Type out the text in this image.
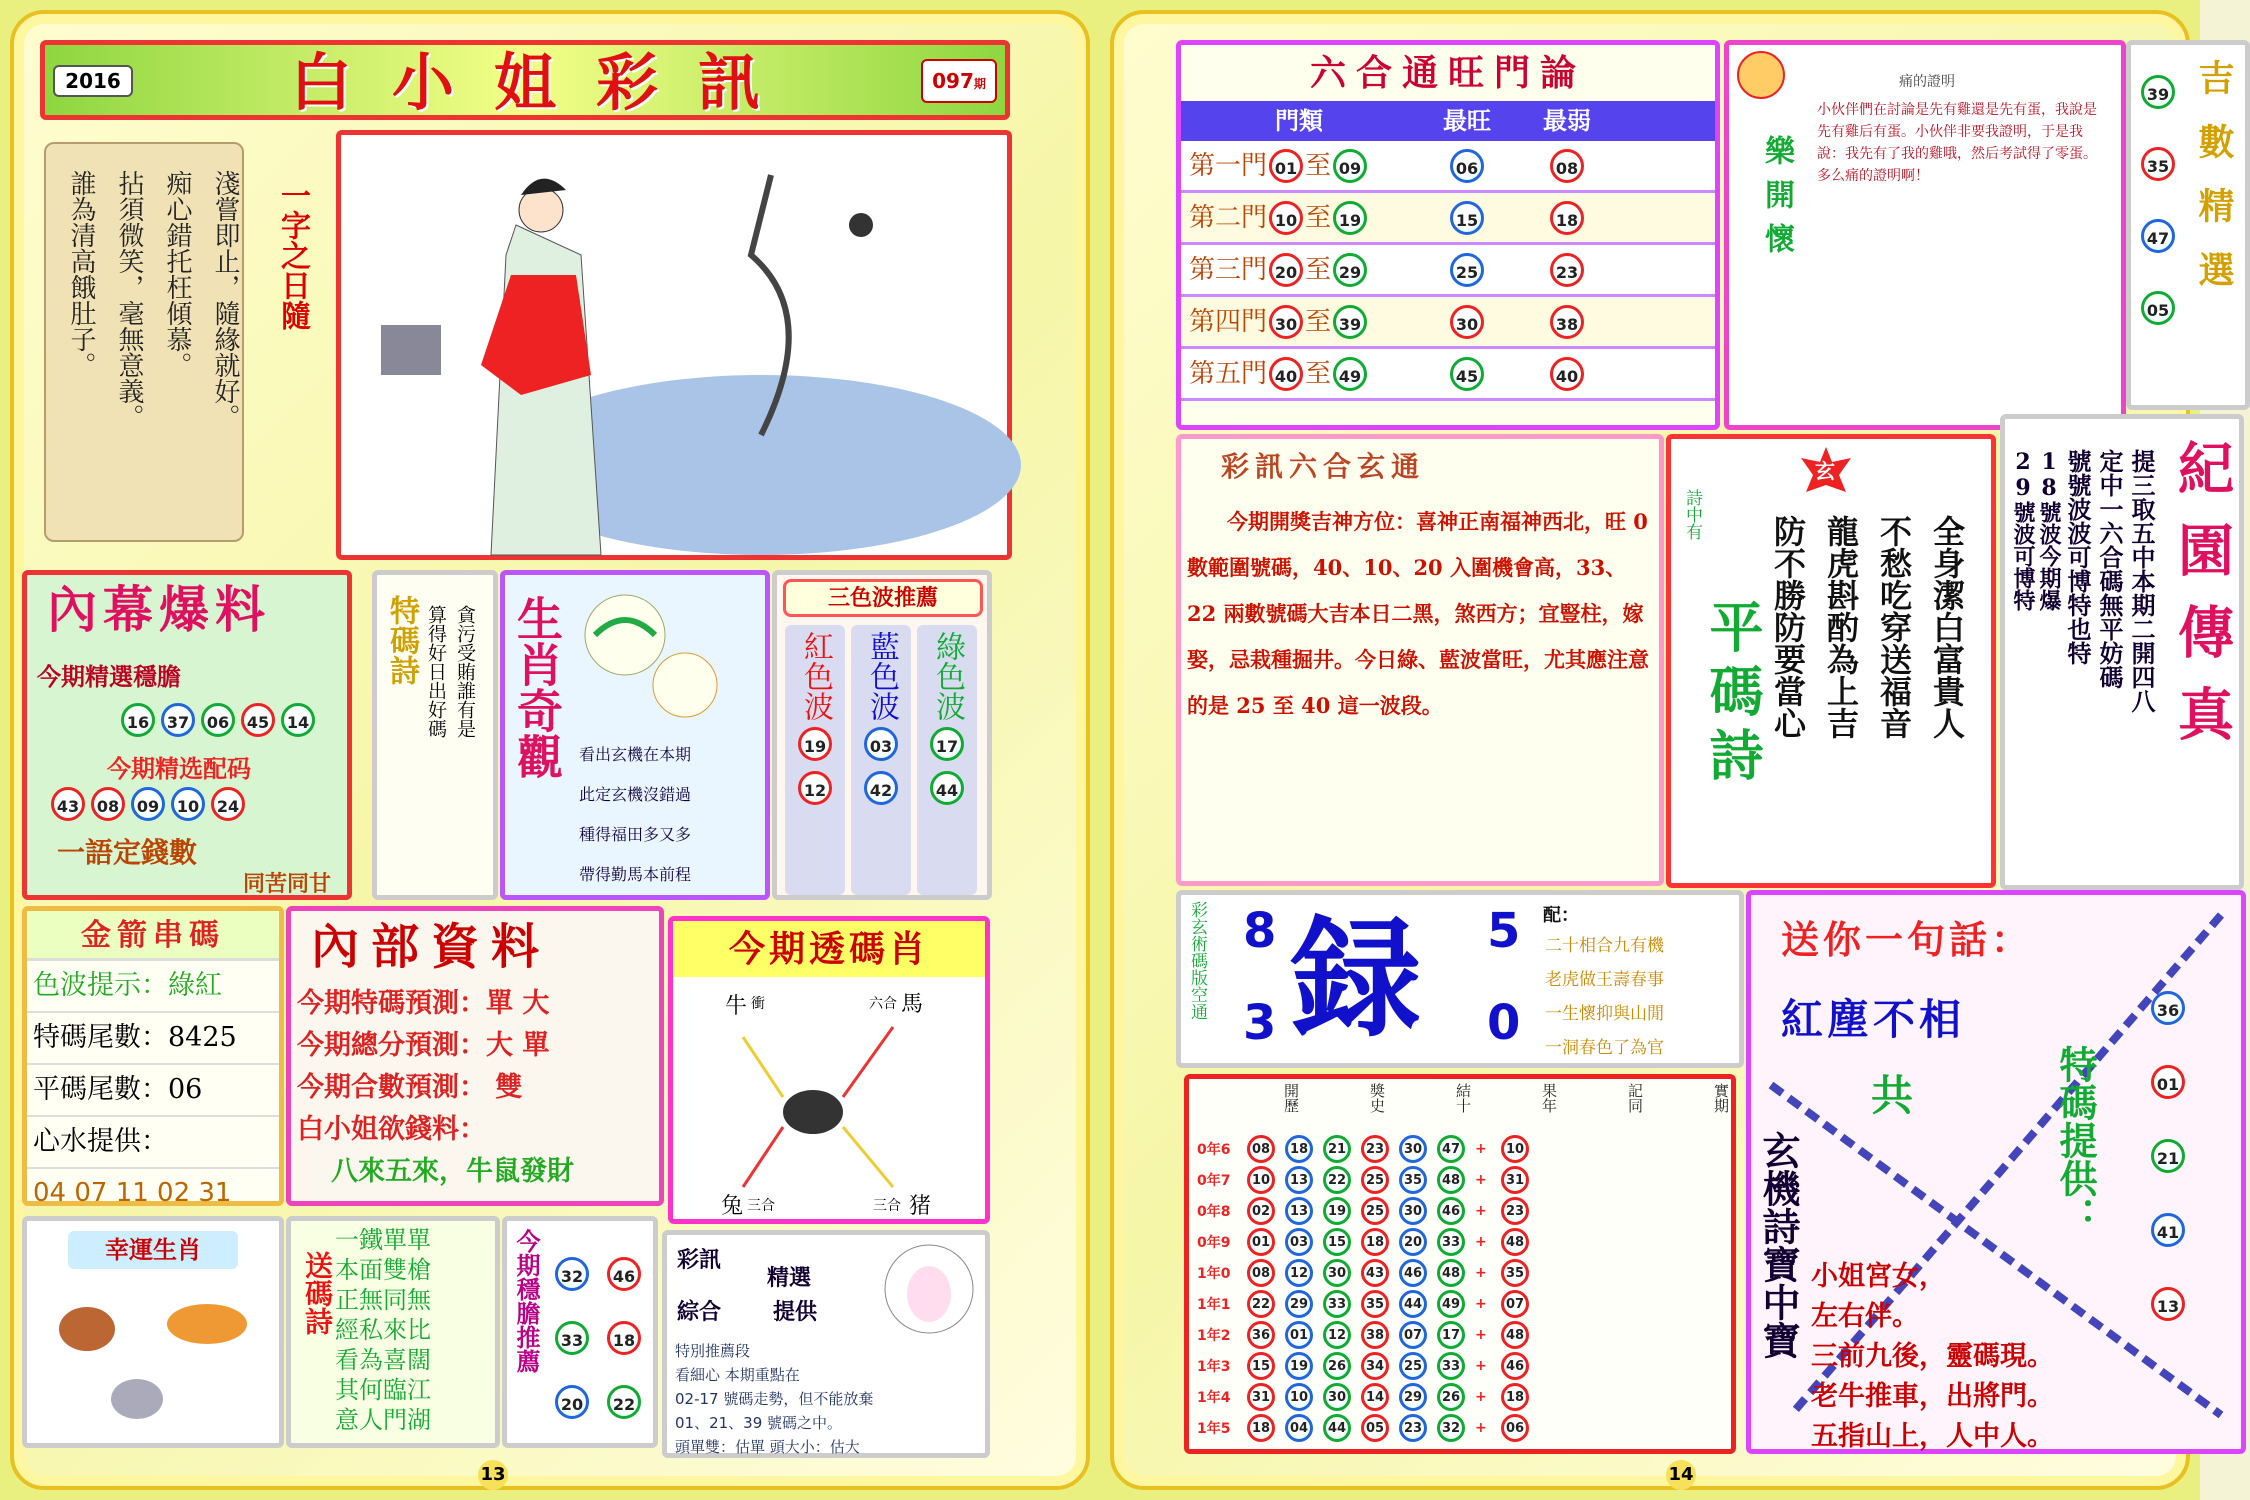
2016	白小姐彩訊	097期
淺嘗即止，隨緣就好。
痴心錯托枉傾慕。
拈須微笑，毫無意義。
誰為清高餓肚子。	一字之日隨
內幕爆料
今期精選穩膽
16	37	06	45	14
今期精选配码
43	08	09	10	24
一語定錢數
同苦同甘
特碼詩 貪污受賄誰有是
算得好日出好碼 生肖奇觀 看出玄機在本期
此定玄機沒錯過
種得福田多又多
帶得勤馬本前程
三色波推薦
紅色波
19
12
藍色波
03
42
綠色波
17
44
金箭串碼
色波提示：綠紅
特碼尾數：8425
平碼尾數：06
心水提供：
04 07 11 02 31
內部資料
今期特碼預測：單 大
今期總分預測：大 單
今期合數預測： 雙
白小姐欲錢料：
八來五來，牛鼠發財
今期透碼肖
牛 衝	六合 馬
兔 三合	三合 猪
幸運生肖
送碼詩
一鐵單單
本面雙槍
正無同無
經私來比
看為喜闊
其何臨江
意人門湖
今期穩膽推薦	32	46
33	18
20	22
彩訊
精選
綜合 提供
特別推薦段
看細心 本期重點在
02-17 號碼走勢，但不能放棄
01、21、39 號碼之中。
頭單雙：估單 頭大小：估大
13
六合通旺門論
門類	最旺	最弱
第一門 01 至 09	06	08
第二門 10 至 19	15	18
第三門 20 至 29	25	23
第四門 30 至 39	30	38
第五門 40 至 49	45	40
樂開懷
痛的證明
小伙伴們在討論是先有雞還是先有蛋，我說是先有雞后有蛋。小伙伴非要我證明，于是我說：我先有了我的雞哦，然后考試得了零蛋。多么痛的證明啊！	吉數精選
39
35
47
05
彩訊六合玄通
今期開獎吉神方位：喜神正南福神西北，旺 0 數範圍號碼，40、10、20 入圍機會高，33、22 兩數號碼大吉本日二黑，煞西方；宜豎柱，嫁娶，忌栽種掘井。今日綠、藍波當旺，尤其應注意的是 25 至 40 這一波段。
詩中有
平碼詩
玄
全身潔白富貴人
不愁吃穿送福音
龍虎斟酌為上吉
防不勝防要當心	提三取五中本期二開四八
定中一六合碼無平妨碼
號號波波可博特也特
18號波今期爆
29號波可博特 紀園傳真
彩玄術碼版空通 8
3 録 5
0
配：
二十相合九有機
老虎做王壽春事
一生懷抑與山閒
一洞春色了為官
開歷	獎史	結十	果年	記同	實期
0年6	08	18	21	23	30	47	+	10
0年7	10	13	22	25	35	48	+	31
0年8	02	13	19	25	30	46	+	23
0年9	01	03	15	18	20	33	+	48
1年0	08	12	30	43	46	48	+	35
1年1	22	29	33	35	44	49	+	07
1年2	36	01	12	38	07	17	+	48
1年3	15	19	26	34	25	33	+	46
1年4	31	10	30	14	29	26	+	18
1年5	18	04	44	05	23	32	+	06
送你一句話：
紅塵不相
共	特碼提供：
36
01
21
41
13
玄機詩寶中寶 小姐宮女，
左右伴。
三前九後，靈碼現。
老牛推車，出將門。
五指山上，人中人。
14
